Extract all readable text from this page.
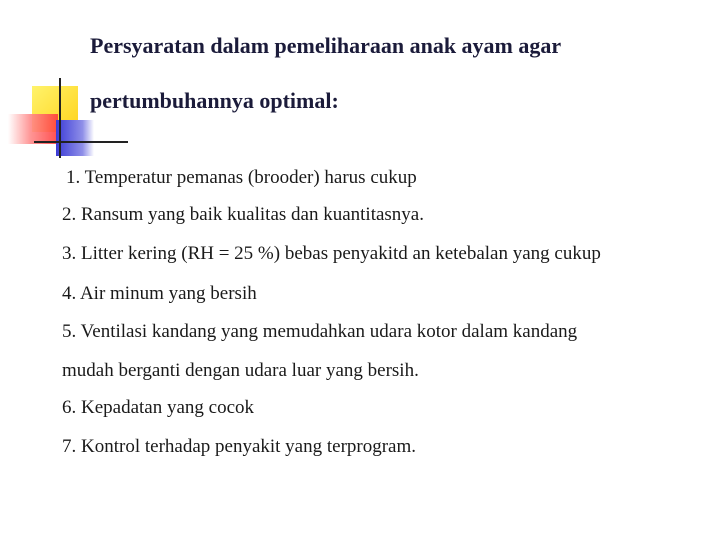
Persyaratan dalam pemeliharaan anak ayam agar
pertumbuhannya optimal:
1. Temperatur pemanas (brooder) harus cukup
2. Ransum yang baik kualitas dan kuantitasnya.
3. Litter kering (RH = 25 %) bebas penyakitd an ketebalan yang cukup
4. Air minum yang bersih
5. Ventilasi kandang yang memudahkan udara kotor dalam kandang
mudah berganti dengan udara luar yang bersih.
6. Kepadatan yang cocok
7. Kontrol terhadap penyakit yang terprogram.
